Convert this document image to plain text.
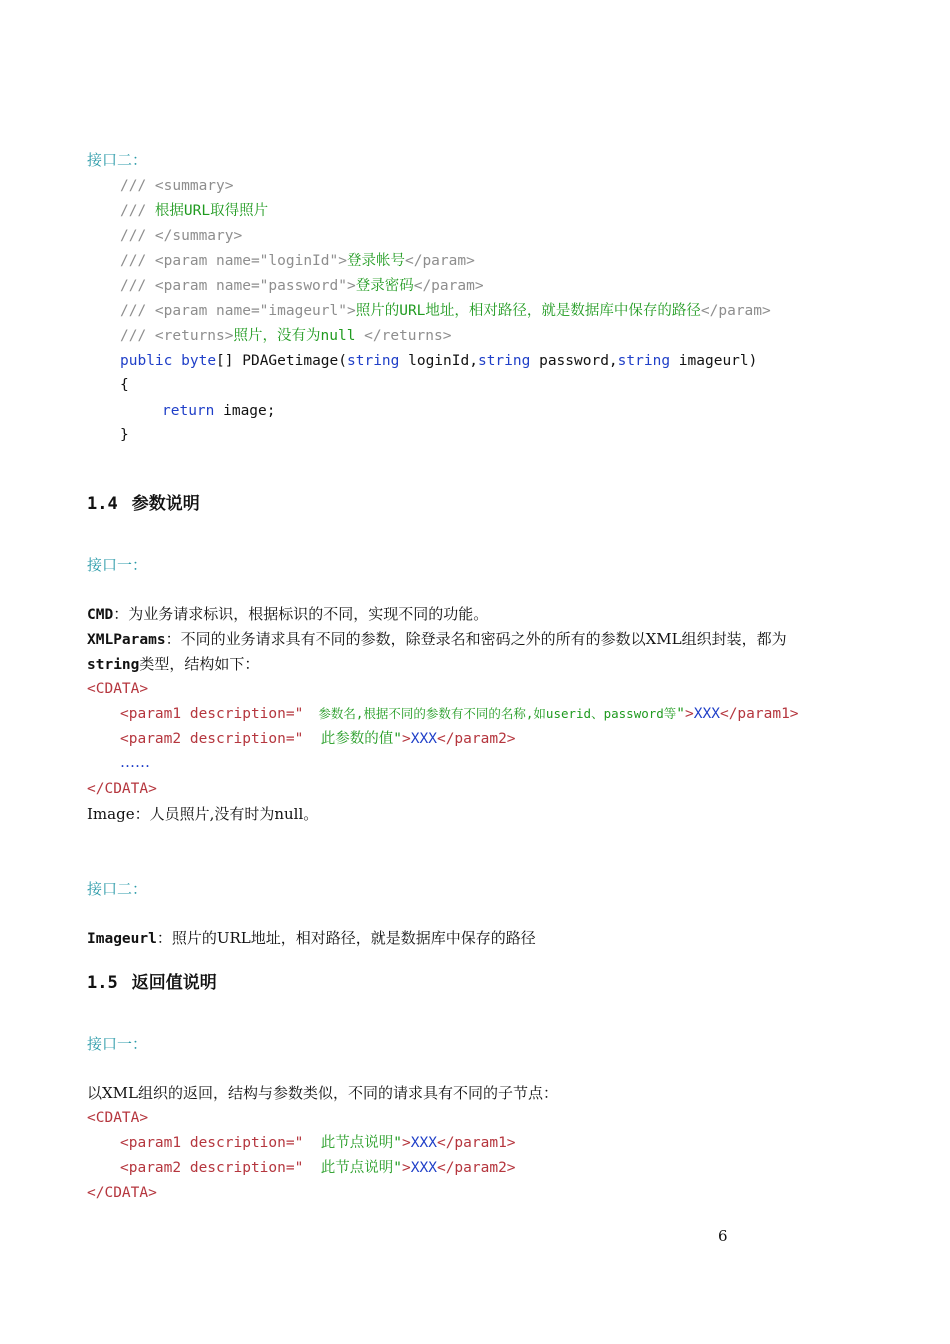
接口二：
/// <summary>
/// 根据URL取得照片
/// </summary>
/// <param name="loginId">登录帐号</param>
/// <param name="password">登录密码</param>
/// <param name="imageurl">照片的URL地址，相对路径，就是数据库中保存的路径</param>
/// <returns>照片，没有为null </returns>
public byte[] PDAGetimage(string loginId,string password,string imageurl)
{
return image;
}
1.4 参数说明
接口一：
CMD：为业务请求标识，根据标识的不同，实现不同的功能。
XMLParams：不同的业务请求具有不同的参数，除登录名和密码之外的所有的参数以XML组织封装，都为
string类型，结构如下：
<CDATA>
<param1 description="  参数名,根据不同的参数有不同的名称,如userid、password等">XXX</param1>
<param2 description="  此参数的值">XXX</param2>
……
</CDATA>
Image：人员照片,没有时为null。
接口二：
Imageurl：照片的URL地址，相对路径，就是数据库中保存的路径
1.5 返回值说明
接口一：
以XML组织的返回，结构与参数类似，不同的请求具有不同的子节点：
<CDATA>
<param1 description="  此节点说明">XXX</param1>
<param2 description="  此节点说明">XXX</param2>
</CDATA>
6
